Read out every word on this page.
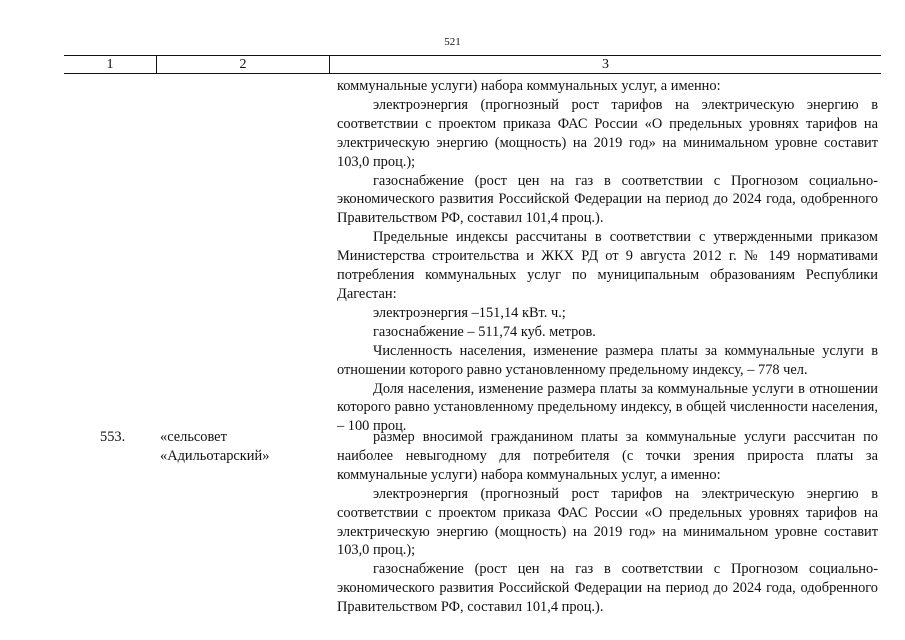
521
1	2	3

коммунальные услуги) набора коммунальных услуг, а именно:

электроэнергия (прогнозный рост тарифов на электрическую энергию в соответствии с проектом приказа ФАС России «О предельных уровнях тарифов на электрическую энергию (мощность) на 2019 год» на минимальном уровне составит 103,0 проц.);

газоснабжение (рост цен на газ в соответствии с Прогнозом социально-экономического развития Российской Федерации на период до 2024 года, одобренного Правительством РФ, составил 101,4 проц.).

Предельные индексы рассчитаны в соответствии с утвержденными приказом Министерства строительства и ЖКХ РД от 9 августа 2012 г. № 149 нормативами потребления коммунальных услуг по муниципальным образованиям Республики Дагестан:

электроэнергия –151,14 кВт. ч.;

газоснабжение – 511,74 куб. метров.

Численность населения, изменение размера платы за коммунальные услуги в отношении которого равно установленному предельному индексу, – 778 чел.

Доля населения, изменение размера платы за коммунальные услуги в отношении которого равно установленному предельному индексу, в общей численности населения, – 100 проц.

553. «сельсовет
«Адильотарский»

размер вносимой гражданином платы за коммунальные услуги рассчитан по наиболее невыгодному для потребителя (с точки зрения прироста платы за коммунальные услуги) набора коммунальных услуг, а именно:

электроэнергия (прогнозный рост тарифов на электрическую энергию в соответствии с проектом приказа ФАС России «О предельных уровнях тарифов на электрическую энергию (мощность) на 2019 год» на минимальном уровне составит 103,0 проц.);

газоснабжение (рост цен на газ в соответствии с Прогнозом социально-экономического развития Российской Федерации на период до 2024 года, одобренного Правительством РФ, составил 101,4 проц.).
